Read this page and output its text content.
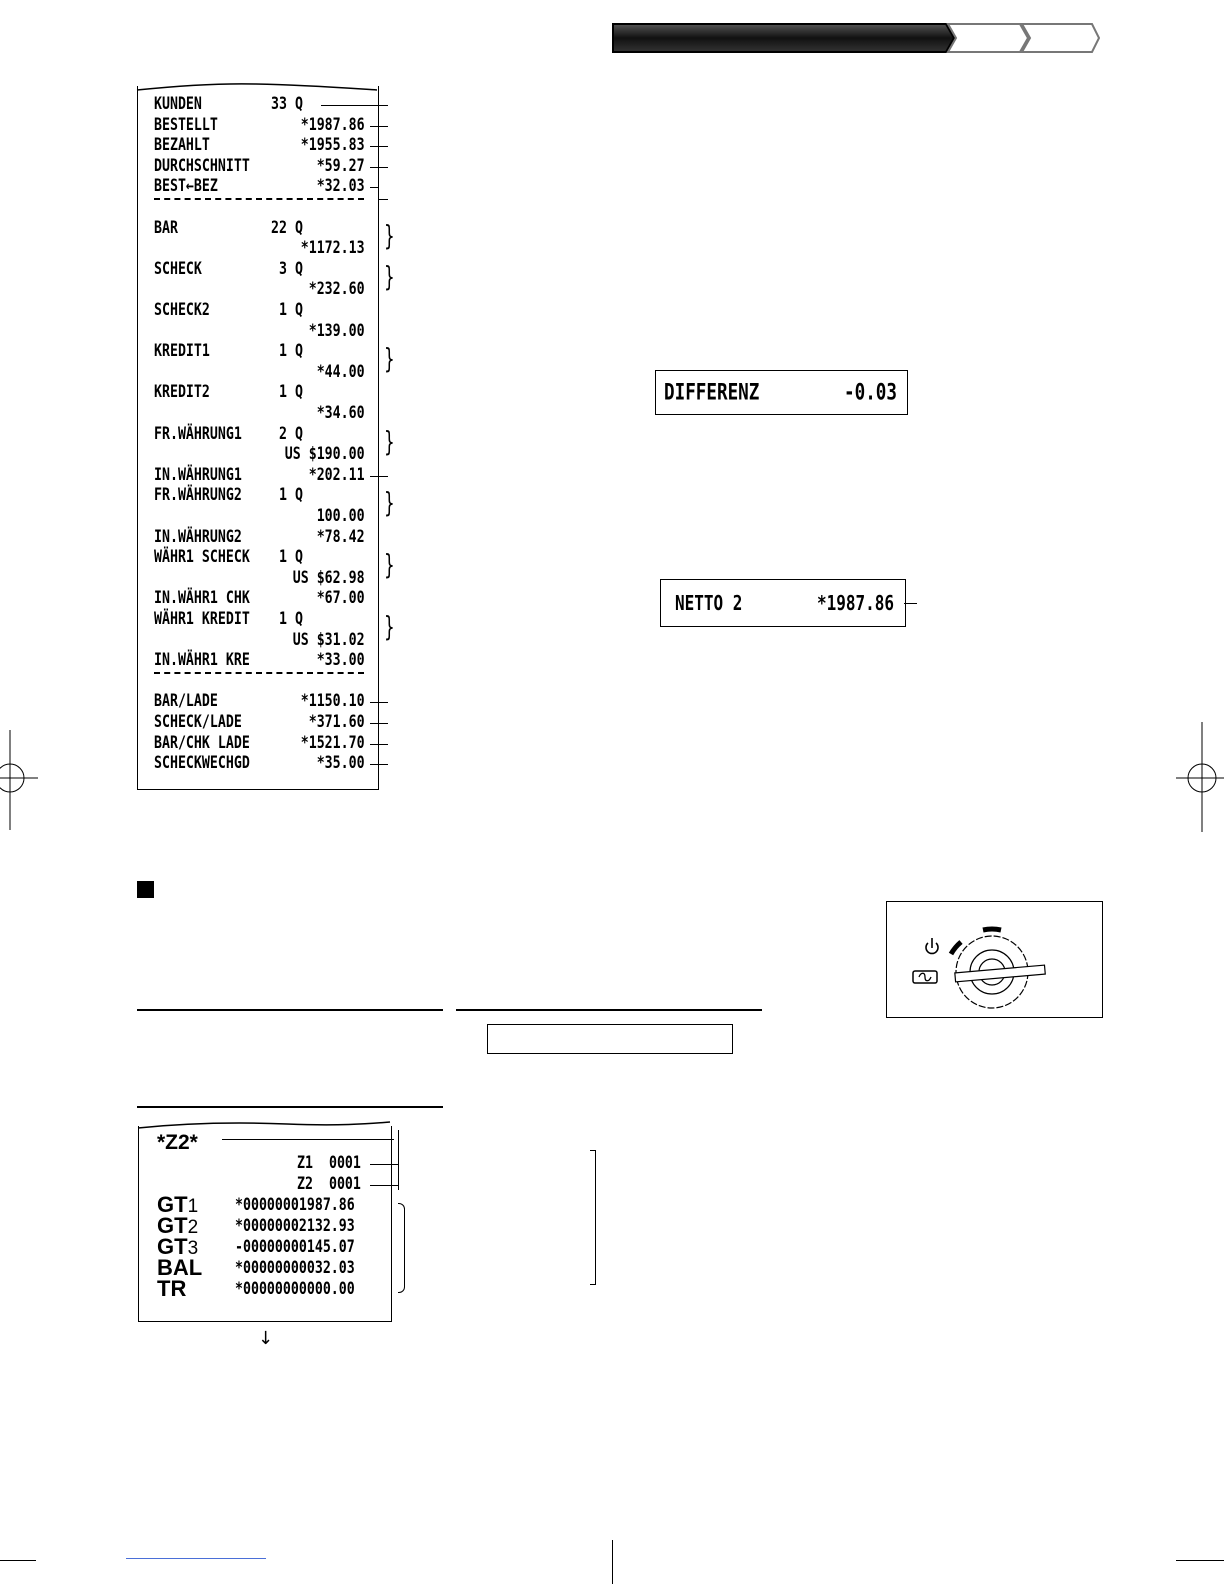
KUNDEN	33 Q
BESTELLT	*1987.86
BEZAHLT	*1955.83
DURCHSCHNITT	*59.27
BEST←BEZ	*32.03
BAR	22 Q
*1172.13
SCHECK	3 Q
*232.60
SCHECK2	1 Q
*139.00
KREDIT1	1 Q
*44.00
KREDIT2	1 Q
*34.60
FR.WÄHRUNG1 2 Q
US $190.00
IN.WÄHRUNG1	*202.11
FR.WÄHRUNG2 1 Q
100.00
IN.WÄHRUNG2	*78.42
WÄHR1 SCHECK 1 Q
US $62.98
IN.WÄHR1 CHK	*67.00
WÄHR1 KREDIT 1 Q
US $31.02
IN.WÄHR1 KRE	*33.00
BAR/LADE	*1150.10
SCHECK/LADE	*371.60
BAR/CHK LADE	*1521.70
SCHECKWECHGD	*35.00
DIFFERENZ	-0.03
NETTO 2	*1987.86
*Z2*
Z1 0001
Z2 0001
GT1 *00000001987.86
GT2 *00000002132.93
GT3 -00000000145.07
BAL *00000000032.03
TR	*00000000000.00
↓
}
}
}
}
}
}
}
